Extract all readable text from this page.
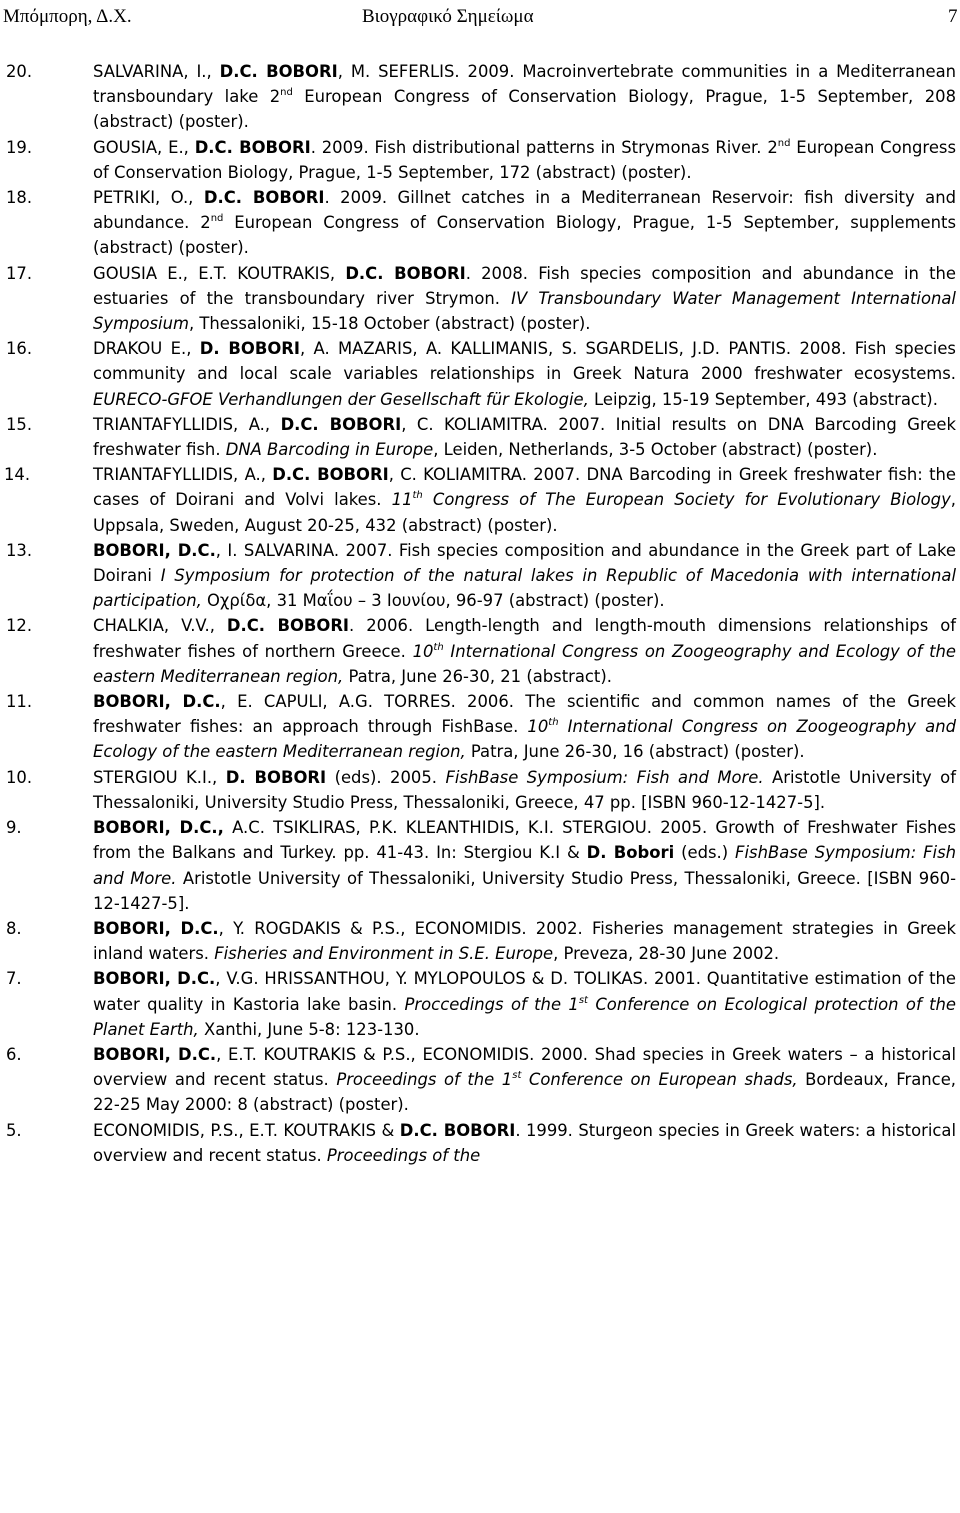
Μπόμπορη, Δ.Χ.	Βιογραφικό Σημείωμα	7
20.	SALVARINA, I., D.C. BOBORI, M. SEFERLIS. 2009. Macroinvertebrate communities in a Mediterranean transboundary lake 2nd European Congress of Conservation Biology, Prague, 1-5 September, 208 (abstract) (poster).
19.	GOUSIA, E., D.C. BOBORI. 2009. Fish distributional patterns in Strymonas River. 2nd European Congress of Conservation Biology, Prague, 1-5 September, 172 (abstract) (poster).
18.	PETRIKI, O., D.C. BOBORI. 2009. Gillnet catches in a Mediterranean Reservoir: fish diversity and abundance. 2nd European Congress of Conservation Biology, Prague, 1-5 September, supplements (abstract) (poster).
17.	GOUSIA E., E.T. KOUTRAKIS, D.C. BOBORI. 2008. Fish species composition and abundance in the estuaries of the transboundary river Strymon. IV Transboundary Water Management International Symposium, Thessaloniki, 15-18 October (abstract) (poster).
16.	DRAKOU E., D. BOBORI, A. MAZARIS, A. KALLIMANIS, S. SGARDELIS, J.D. PANTIS. 2008. Fish species community and local scale variables relationships in Greek Natura 2000 freshwater ecosystems. EURECO-GFOE Verhandlungen der Gesellschaft für Ekologie, Leipzig, 15-19 September, 493 (abstract).
15.	TRIANTAFYLLIDIS, A., D.C. BOBORI, C. KOLIAMITRA. 2007. Initial results on DNA Barcoding Greek freshwater fish. DNA Barcoding in Europe, Leiden, Netherlands, 3-5 October (abstract) (poster).
14.	TRIANTAFYLLIDIS, A., D.C. BOBORI, C. KOLIAMITRA. 2007. DNA Barcoding in Greek freshwater fish: the cases of Doirani and Volvi lakes. 11th Congress of The European Society for Evolutionary Biology, Uppsala, Sweden, August 20-25, 432 (abstract) (poster).
13.	BOBORI, D.C., I. SALVARINA. 2007. Fish species composition and abundance in the Greek part of Lake Doirani I Symposium for protection of the natural lakes in Republic of Macedonia with international participation, Οχρίδα, 31 Μαΐου – 3 Ιουνίου, 96-97 (abstract) (poster).
12.	CHALKIA, V.V., D.C. BOBORI. 2006. Length-length and length-mouth dimensions relationships of freshwater fishes of northern Greece. 10th International Congress on Zoogeography and Ecology of the eastern Mediterranean region, Patra, June 26-30, 21 (abstract).
11.	BOBORI, D.C., E. CAPULI, A.G. TORRES. 2006. The scientific and common names of the Greek freshwater fishes: an approach through FishBase. 10th International Congress on Zoogeography and Ecology of the eastern Mediterranean region, Patra, June 26-30, 16 (abstract) (poster).
10.	STERGIOU K.I., D. BOBORI (eds). 2005. FishBase Symposium: Fish and More. Aristotle University of Thessaloniki, University Studio Press, Thessaloniki, Greece, 47 pp. [ISBN 960-12-1427-5].
9.	BOBORI, D.C., A.C. TSIKLIRAS, P.K. KLEANTHIDIS, K.I. STERGIOU. 2005. Growth of Freshwater Fishes from the Balkans and Turkey. pp. 41-43. In: Stergiou K.I & D. Bobori (eds.) FishBase Symposium: Fish and More. Aristotle University of Thessaloniki, University Studio Press, Thessaloniki, Greece. [ISBN 960-12-1427-5].
8.	BOBORI, D.C., Y. ROGDAKIS & P.S., ECONOMIDIS. 2002. Fisheries management strategies in Greek inland waters. Fisheries and Environment in S.E. Europe, Preveza, 28-30 June 2002.
7.	BOBORI, D.C., V.G. HRISSANTHOU, Y. MYLOPOULOS & D. TOLIKAS. 2001. Quantitative estimation of the water quality in Kastoria lake basin. Proccedings of the 1st Conference on Ecological protection of the Planet Earth, Xanthi, June 5-8: 123-130.
6.	BOBORI, D.C., E.T. KOUTRAKIS & P.S., ECONOMIDIS. 2000. Shad species in Greek waters – a historical overview and recent status. Proceedings of the 1st Conference on European shads, Bordeaux, France, 22-25 May 2000: 8 (abstract) (poster).
5.	ECONOMIDIS, P.S., E.T. KOUTRAKIS & D.C. BOBORI. 1999. Sturgeon species in Greek waters: a historical overview and recent status. Proceedings of the
